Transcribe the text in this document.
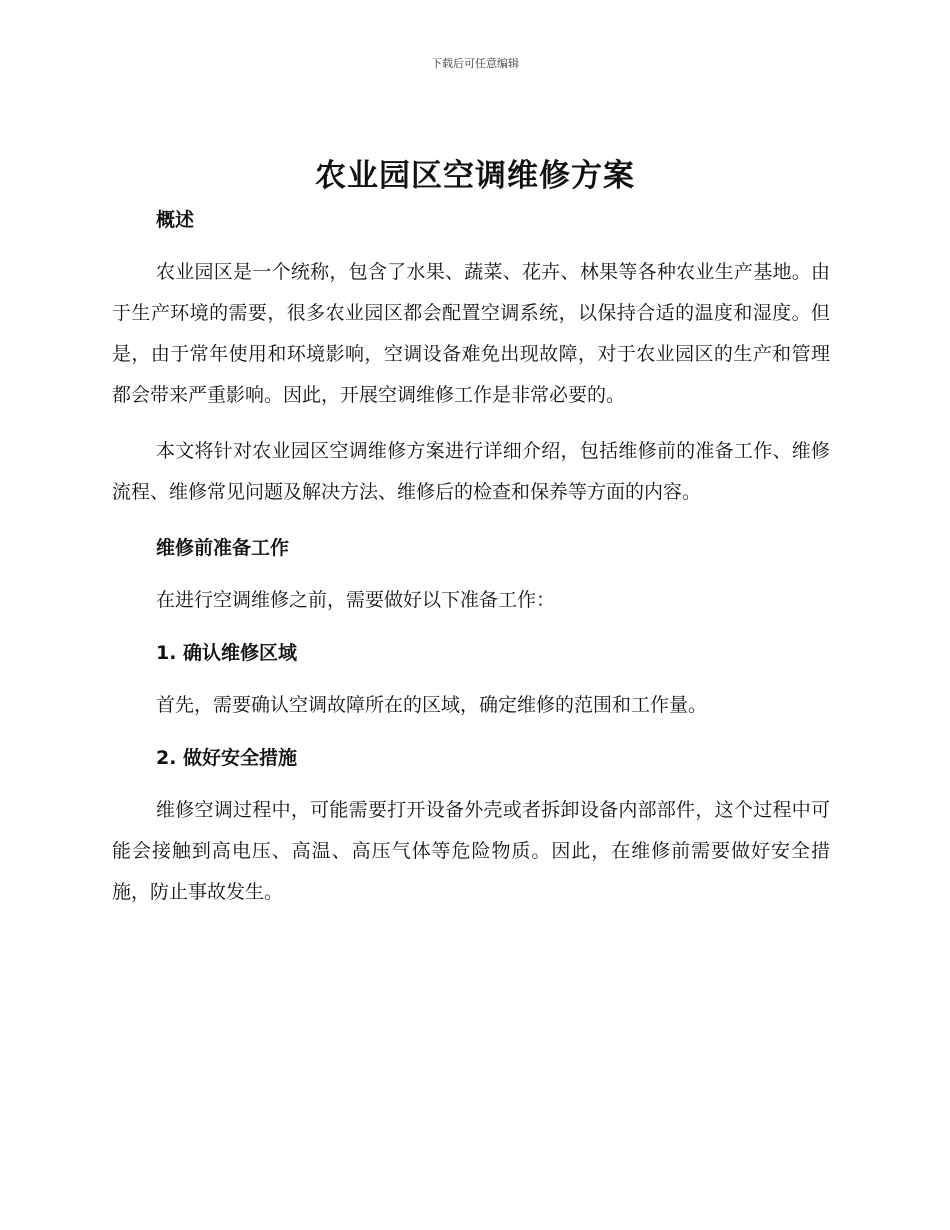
下载后可任意编辑
农业园区空调维修方案

概述

农业园区是一个统称，包含了水果、蔬菜、花卉、林果等各种农业生产基地。由于生产环境的需要，很多农业园区都会配置空调系统，以保持合适的温度和湿度。但是，由于常年使用和环境影响，空调设备难免出现故障，对于农业园区的生产和管理都会带来严重影响。因此，开展空调维修工作是非常必要的。

本文将针对农业园区空调维修方案进行详细介绍，包括维修前的准备工作、维修流程、维修常见问题及解决方法、维修后的检查和保养等方面的内容。

维修前准备工作

在进行空调维修之前，需要做好以下准备工作：

1. 确认维修区域

首先，需要确认空调故障所在的区域，确定维修的范围和工作量。

2. 做好安全措施

维修空调过程中，可能需要打开设备外壳或者拆卸设备内部部件，这个过程中可能会接触到高电压、高温、高压气体等危险物质。因此，在维修前需要做好安全措施，防止事故发生。
